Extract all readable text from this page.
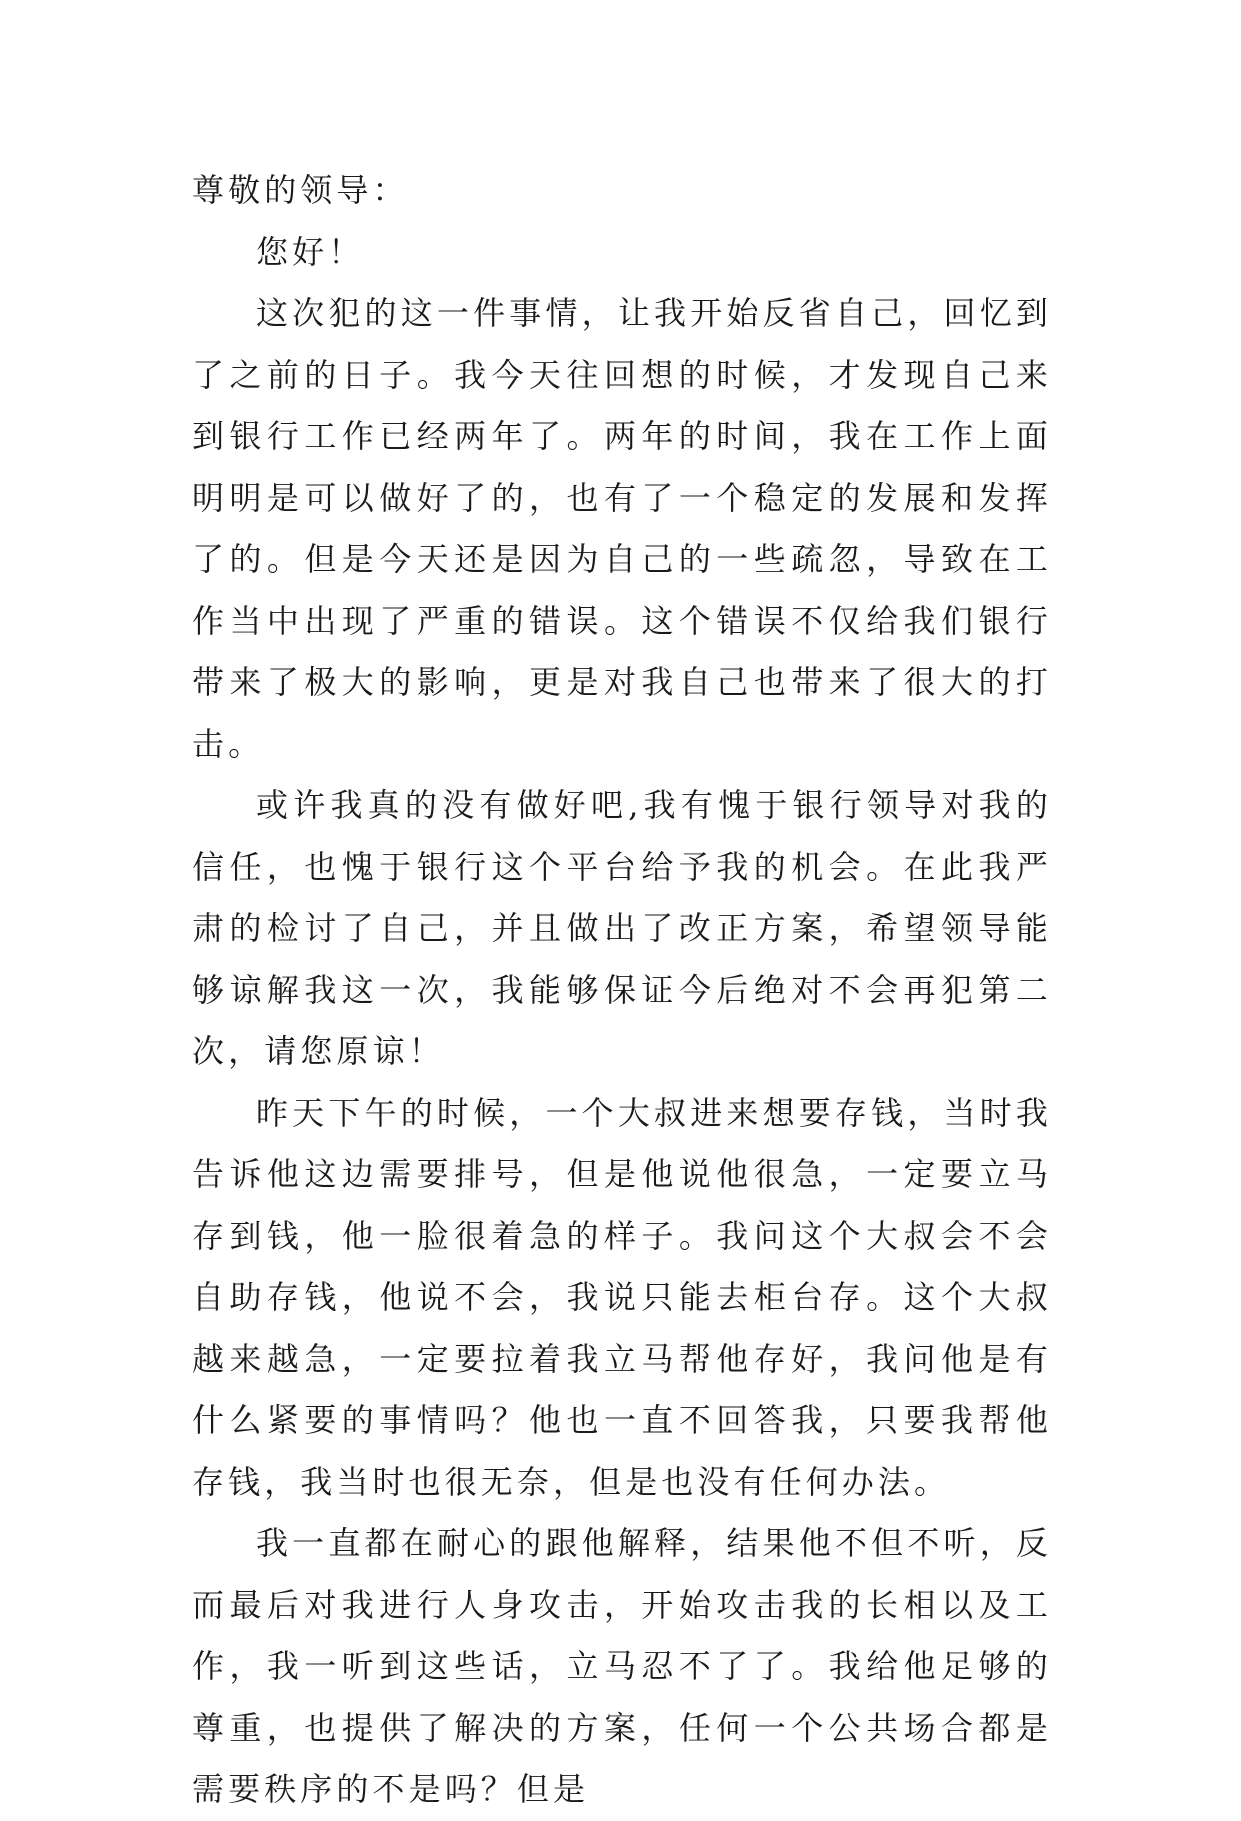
尊敬的领导：

您好！

这次犯的这一件事情，让我开始反省自己，回忆到了之前的日子。我今天往回想的时候，才发现自己来到银行工作已经两年了。两年的时间，我在工作上面明明是可以做好了的，也有了一个稳定的发展和发挥了的。但是今天还是因为自己的一些疏忽，导致在工作当中出现了严重的错误。这个错误不仅给我们银行带来了极大的影响，更是对我自己也带来了很大的打击。

或许我真的没有做好吧,我有愧于银行领导对我的信任，也愧于银行这个平台给予我的机会。在此我严肃的检讨了自己，并且做出了改正方案，希望领导能够谅解我这一次，我能够保证今后绝对不会再犯第二次，请您原谅！

昨天下午的时候，一个大叔进来想要存钱，当时我告诉他这边需要排号，但是他说他很急，一定要立马存到钱，他一脸很着急的样子。我问这个大叔会不会自助存钱，他说不会，我说只能去柜台存。这个大叔越来越急，一定要拉着我立马帮他存好，我问他是有什么紧要的事情吗？他也一直不回答我，只要我帮他存钱，我当时也很无奈，但是也没有任何办法。

我一直都在耐心的跟他解释，结果他不但不听，反而最后对我进行人身攻击，开始攻击我的长相以及工作，我一听到这些话，立马忍不了了。我给他足够的尊重，也提供了解决的方案，任何一个公共场合都是需要秩序的不是吗？但是
